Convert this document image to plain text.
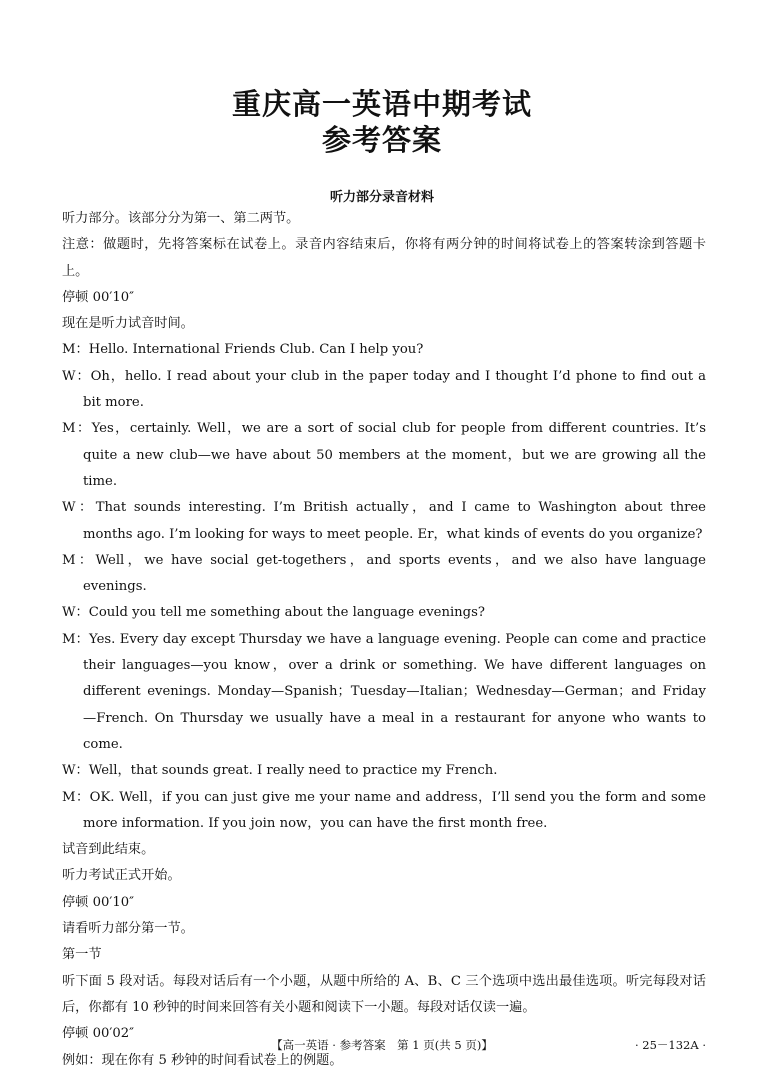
重庆高一英语中期考试
参考答案
听力部分录音材料

听力部分。该部分分为第一、第二两节。

注意：做题时，先将答案标在试卷上。录音内容结束后，你将有两分钟的时间将试卷上的答案转涂到答题卡上。

停顿 00′10″

现在是听力试音时间。

M：Hello. International Friends Club. Can I help you?

W：Oh，hello. I read about your club in the paper today and I thought I’d phone to find out a bit more.

M：Yes，certainly. Well，we are a sort of social club for people from different countries. It’s quite a new club—we have about 50 members at the moment，but we are growing all the time.

W：That sounds interesting. I’m British actually，and I came to Washington about three months ago. I’m looking for ways to meet people. Er，what kinds of events do you organize?

M：Well，we have social get-togethers，and sports events，and we also have language evenings.

W：Could you tell me something about the language evenings?

M：Yes. Every day except Thursday we have a language evening. People can come and practice their languages—you know，over a drink or something. We have different languages on different evenings. Monday—Spanish；Tuesday—Italian；Wednesday—German；and Friday—French. On Thursday we usually have a meal in a restaurant for anyone who wants to come.

W：Well，that sounds great. I really need to practice my French.

M：OK. Well，if you can just give me your name and address，I’ll send you the form and some more information. If you join now，you can have the first month free.

试音到此结束。

听力考试正式开始。

停顿 00′10″

请看听力部分第一节。

第一节

听下面 5 段对话。每段对话后有一个小题，从题中所给的 A、B、C 三个选项中选出最佳选项。听完每段对话后，你都有 10 秒钟的时间来回答有关小题和阅读下一小题。每段对话仅读一遍。

停顿 00′02″

例如：现在你有 5 秒钟的时间看试卷上的例题。

【高一英语 · 参考答案　第 1 页(共 5 页)】	· 25－132A ·
